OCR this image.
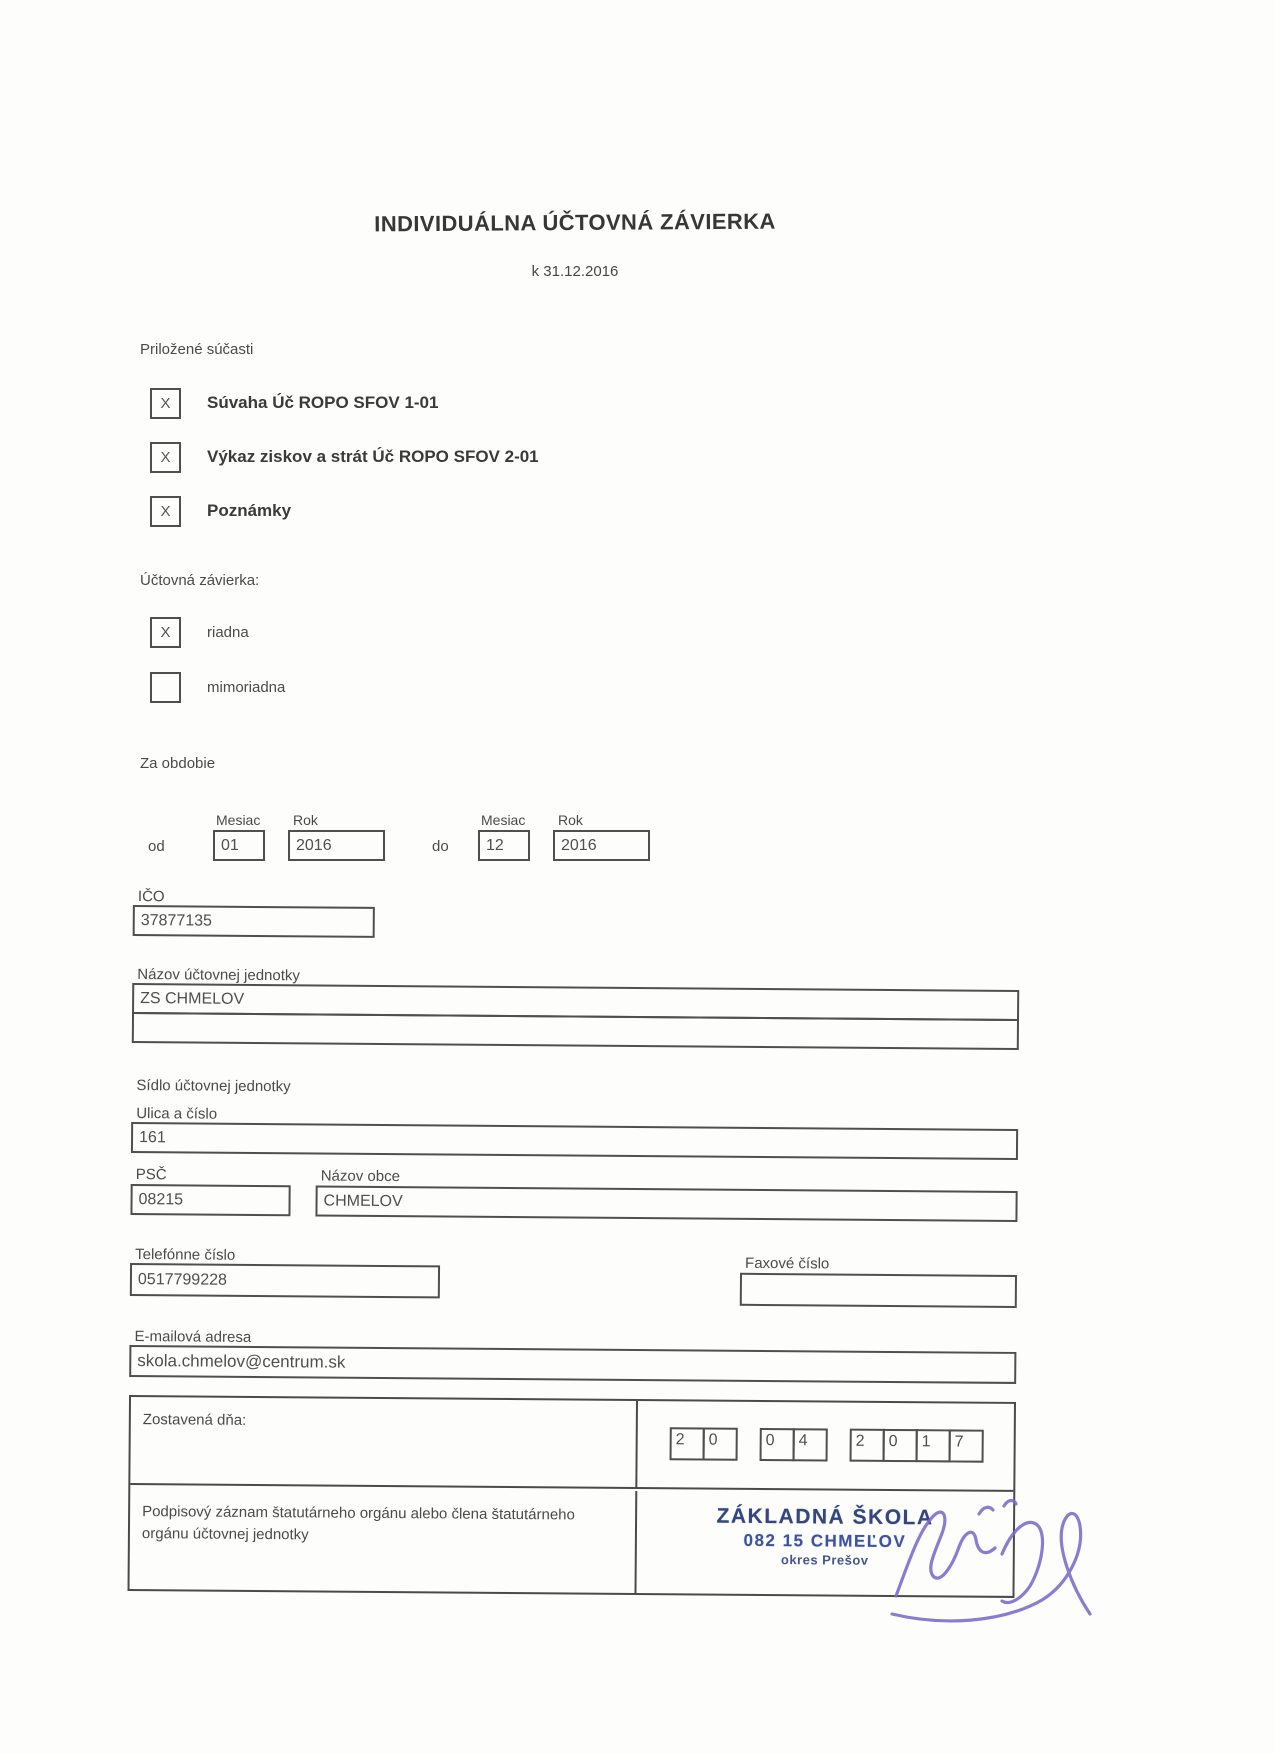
INDIVIDUÁLNA ÚČTOVNÁ ZÁVIERKA
k 31.12.2016
Priložené súčasti
X Súvaha Úč ROPO SFOV 1-01
X Výkaz ziskov a strát Úč ROPO SFOV 2-01
X Poznámky
Účtovná závierka:
X riadna
mimoriadna
Za obdobie
Mesiac Rok
od	01	2016
Mesiac Rok
do	12	2016
IČO
37877135
Názov účtovnej jednotky
ZS CHMELOV
Sídlo účtovnej jednotky
Ulica a číslo
161
PSČ
08215
Názov obce
CHMELOV
Telefónne číslo
0517799228
Faxové číslo
E-mailová adresa
skola.chmelov@centrum.sk
Zostavená dňa:
2	0	0	4	2	0	1	7
Podpisový záznam štatutárneho orgánu alebo člena štatutárneho orgánu účtovnej jednotky
ZÁKLADNÁ ŠKOLA
082 15 CHMEĽOV
okres Prešov
